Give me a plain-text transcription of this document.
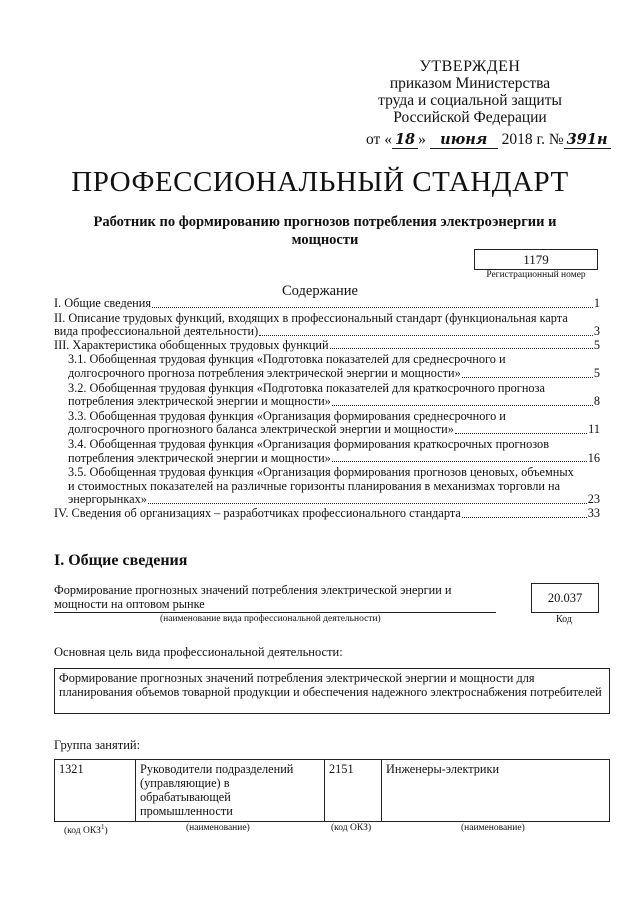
УТВЕРЖДЕН
приказом Министерства
труда и социальной защиты
Российской Федерации
от « 18 » июня 2018 г. № 391н
ПРОФЕССИОНАЛЬНЫЙ СТАНДАРТ
Работник по формированию прогнозов потребления электроэнергии и мощности
1179
Регистрационный номер
Содержание
I. Общие сведения	1
II. Описание трудовых функций, входящих в профессиональный стандарт (функциональная карта
вида профессиональной деятельности)	3
III. Характеристика обобщенных трудовых функций	5
3.1. Обобщенная трудовая функция «Подготовка показателей для среднесрочного и
долгосрочного прогноза потребления электрической энергии и мощности»	5
3.2. Обобщенная трудовая функция «Подготовка показателей для краткосрочного прогноза
потребления электрической энергии и мощности»	8
3.3. Обобщенная трудовая функция «Организация формирования среднесрочного и
долгосрочного прогнозного баланса электрической энергии и мощности»	11
3.4. Обобщенная трудовая функция «Организация формирования краткосрочных прогнозов
потребления электрической энергии и мощности»	16
3.5. Обобщенная трудовая функция «Организация формирования прогнозов ценовых, объемных
и стоимостных показателей на различные горизонты планирования в механизмах торговли на
энергорынках»	23
IV. Сведения об организациях – разработчиках профессионального стандарта	33
I. Общие сведения
Формирование прогнозных значений потребления электрической энергии и мощности на оптовом рынке
(наименование вида профессиональной деятельности)
20.037
Код
Основная цель вида профессиональной деятельности:
Формирование прогнозных значений потребления электрической энергии и мощности для планирования объемов товарной продукции и обеспечения надежного электроснабжения потребителей
Группа занятий:
1321	Руководители подразделений (управляющие) в обрабатывающей промышленности	2151	Инженеры-электрики
(код ОКЗ$^1$)	(наименование)	(код ОКЗ)	(наименование)
